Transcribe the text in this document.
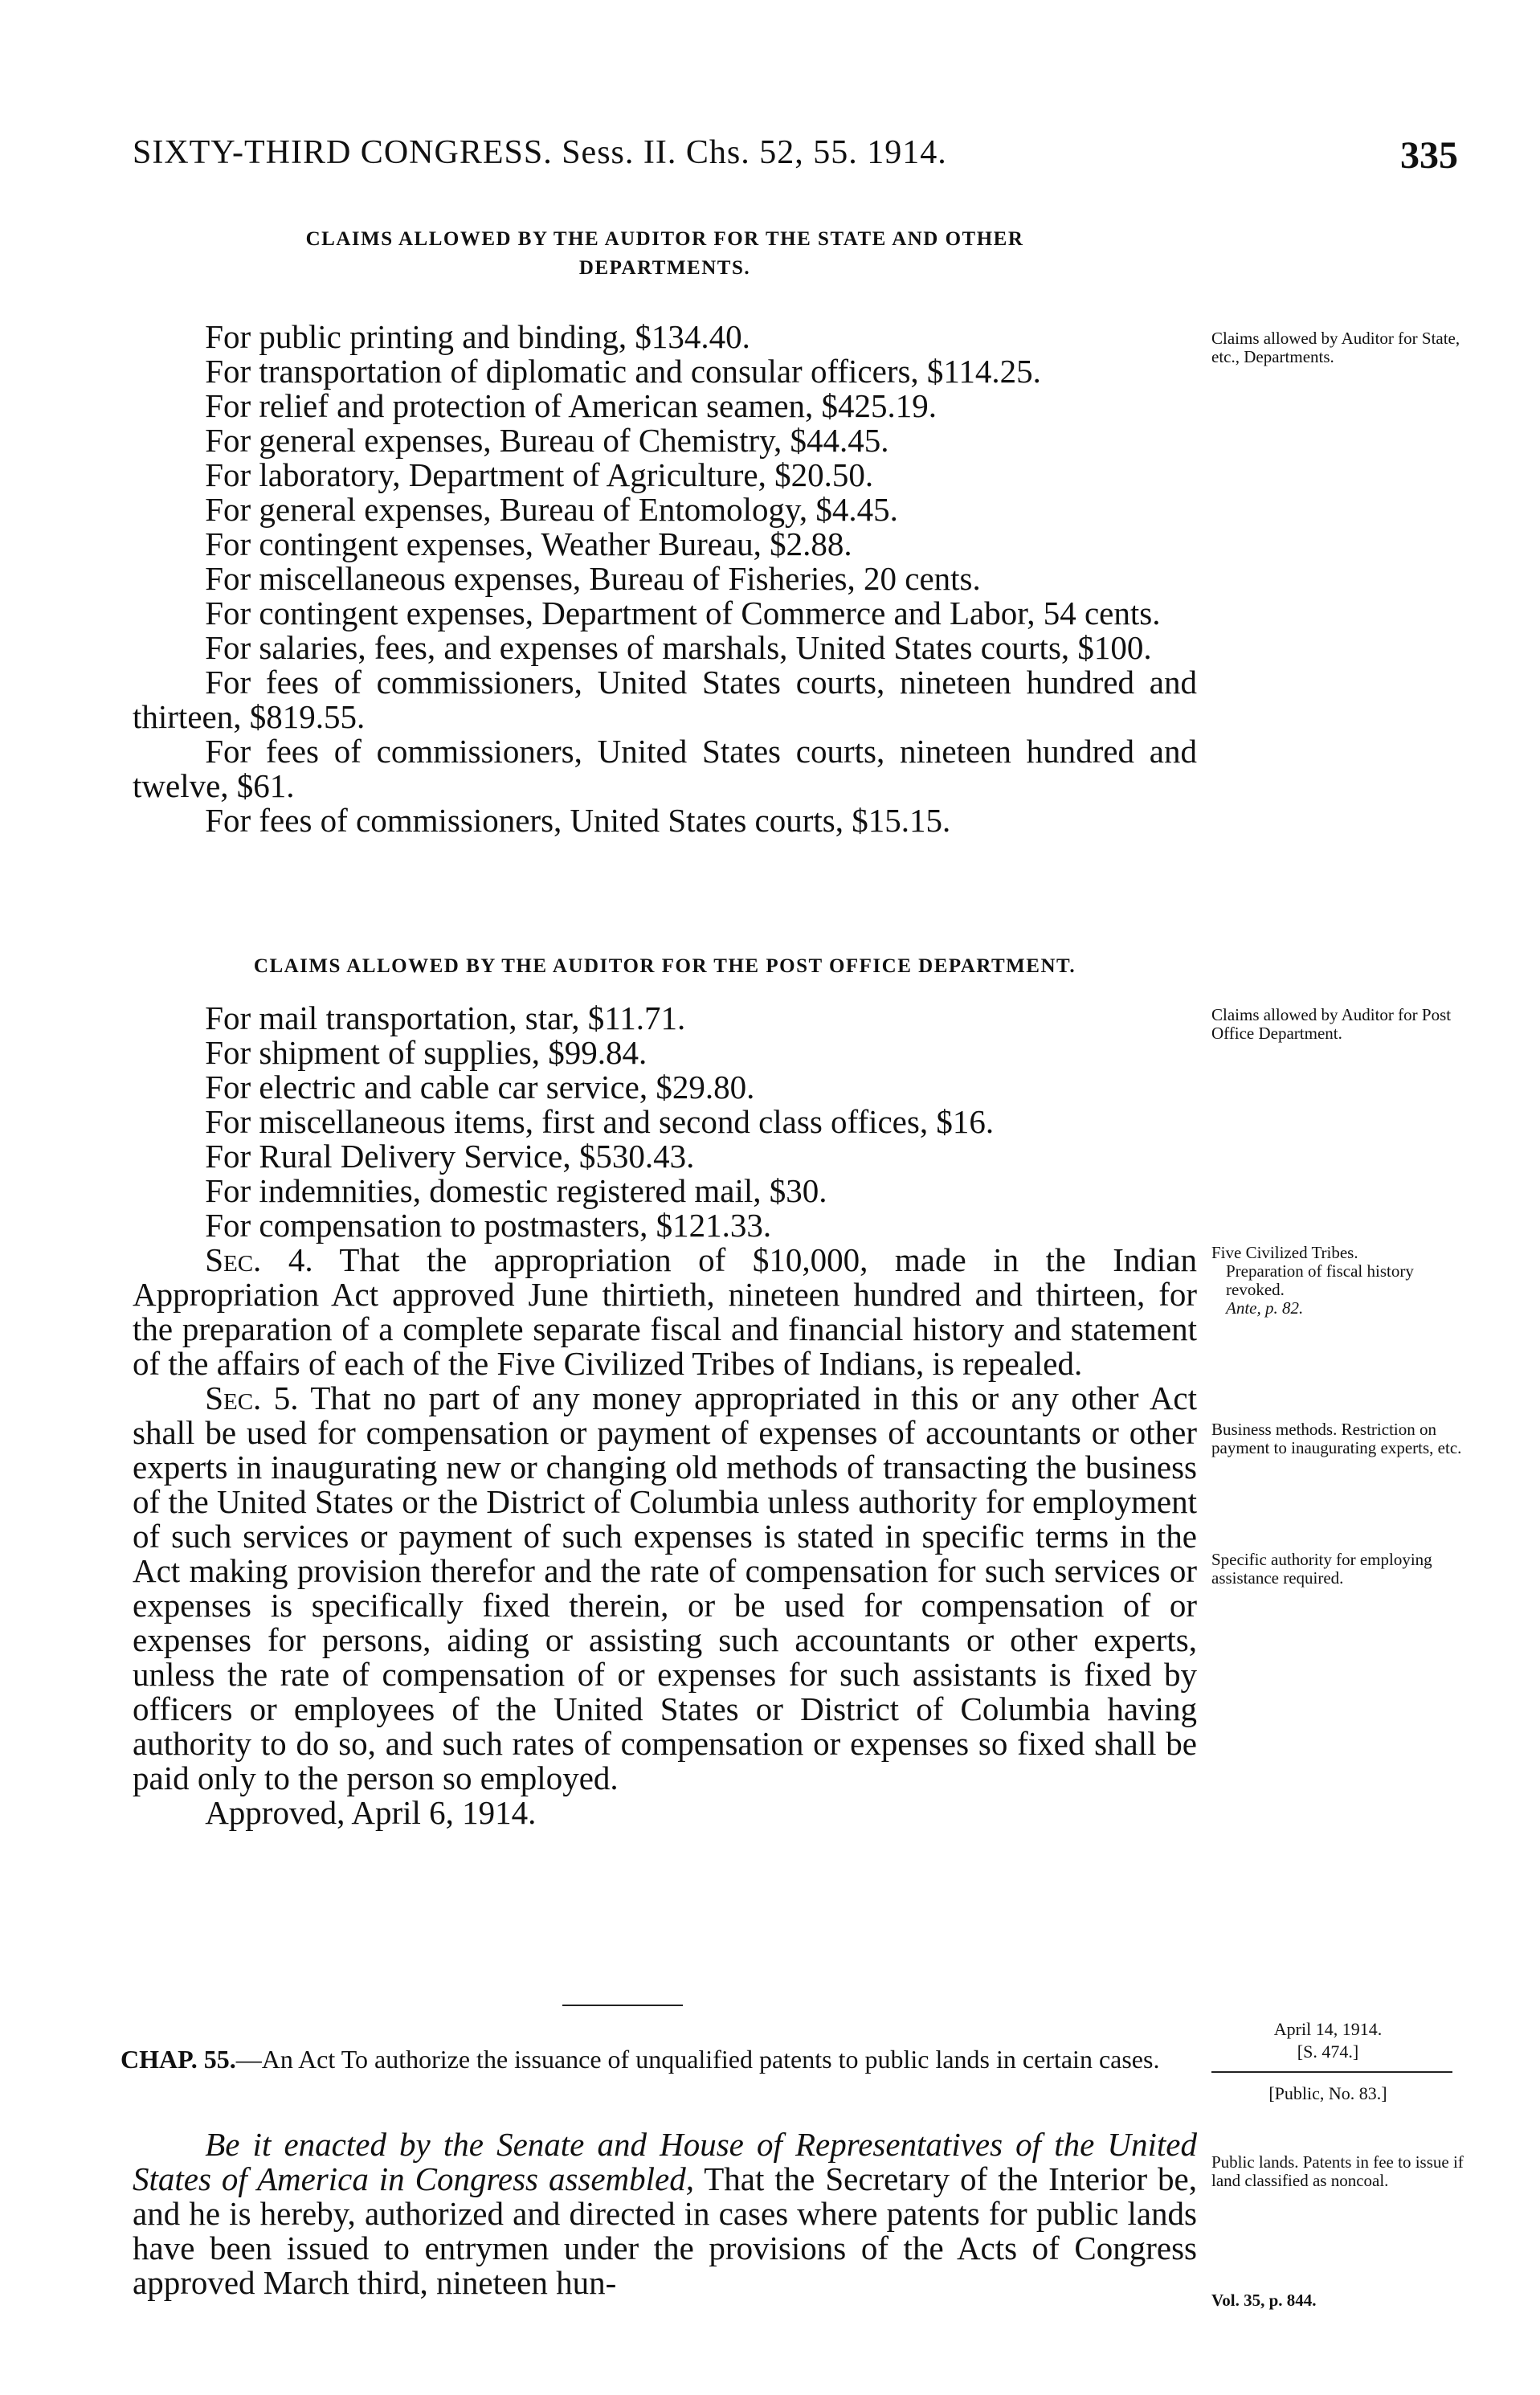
SIXTY-THIRD CONGRESS. Sess. II. Chs. 52, 55. 1914.	335
CLAIMS ALLOWED BY THE AUDITOR FOR THE STATE AND OTHER
DEPARTMENTS.
For public printing and binding, $134.40.
For transportation of diplomatic and consular officers, $114.25.
For relief and protection of American seamen, $425.19.
For general expenses, Bureau of Chemistry, $44.45.
For laboratory, Department of Agriculture, $20.50.
For general expenses, Bureau of Entomology, $4.45.
For contingent expenses, Weather Bureau, $2.88.
For miscellaneous expenses, Bureau of Fisheries, 20 cents.
For contingent expenses, Department of Commerce and Labor, 54 cents.
For salaries, fees, and expenses of marshals, United States courts, $100.
For fees of commissioners, United States courts, nineteen hundred and thirteen, $819.55.
For fees of commissioners, United States courts, nineteen hundred and twelve, $61.
For fees of commissioners, United States courts, $15.15.
Claims allowed by Auditor for State, etc., Departments.
CLAIMS ALLOWED BY THE AUDITOR FOR THE POST OFFICE DEPARTMENT.
For mail transportation, star, $11.71.
For shipment of supplies, $99.84.
For electric and cable car service, $29.80.
For miscellaneous items, first and second class offices, $16.
For Rural Delivery Service, $530.43.
For indemnities, domestic registered mail, $30.
For compensation to postmasters, $121.33.
Sec. 4. That the appropriation of $10,000, made in the Indian Appropriation Act approved June thirtieth, nineteen hundred and thirteen, for the preparation of a complete separate fiscal and financial history and statement of the affairs of each of the Five Civilized Tribes of Indians, is repealed.
Sec. 5. That no part of any money appropriated in this or any other Act shall be used for compensation or payment of expenses of accountants or other experts in inaugurating new or changing old methods of transacting the business of the United States or the District of Columbia unless authority for employment of such services or payment of such expenses is stated in specific terms in the Act making provision therefor and the rate of compensation for such services or expenses is specifically fixed therein, or be used for compensation of or expenses for persons, aiding or assisting such accountants or other experts, unless the rate of compensation of or expenses for such assistants is fixed by officers or employees of the United States or District of Columbia having authority to do so, and such rates of compensation or expenses so fixed shall be paid only to the person so employed.
Approved, April 6, 1914.
Claims allowed by Auditor for Post Office Department.
Five Civilized Tribes.
Preparation of fiscal history revoked.
Ante, p. 82.
Business methods. Restriction on payment to inaugurating experts, etc.
Specific authority for employing assistance required.
April 14, 1914.
[S. 474.]
[Public, No. 83.]
CHAP. 55.—An Act To authorize the issuance of unqualified patents to public lands in certain cases.
Be it enacted by the Senate and House of Representatives of the United States of America in Congress assembled, That the Secretary of the Interior be, and he is hereby, authorized and directed in cases where patents for public lands have been issued to entrymen under the provisions of the Acts of Congress approved March third, nineteen hun-
Public lands. Patents in fee to issue if land classified as noncoal.
Vol. 35, p. 844.
